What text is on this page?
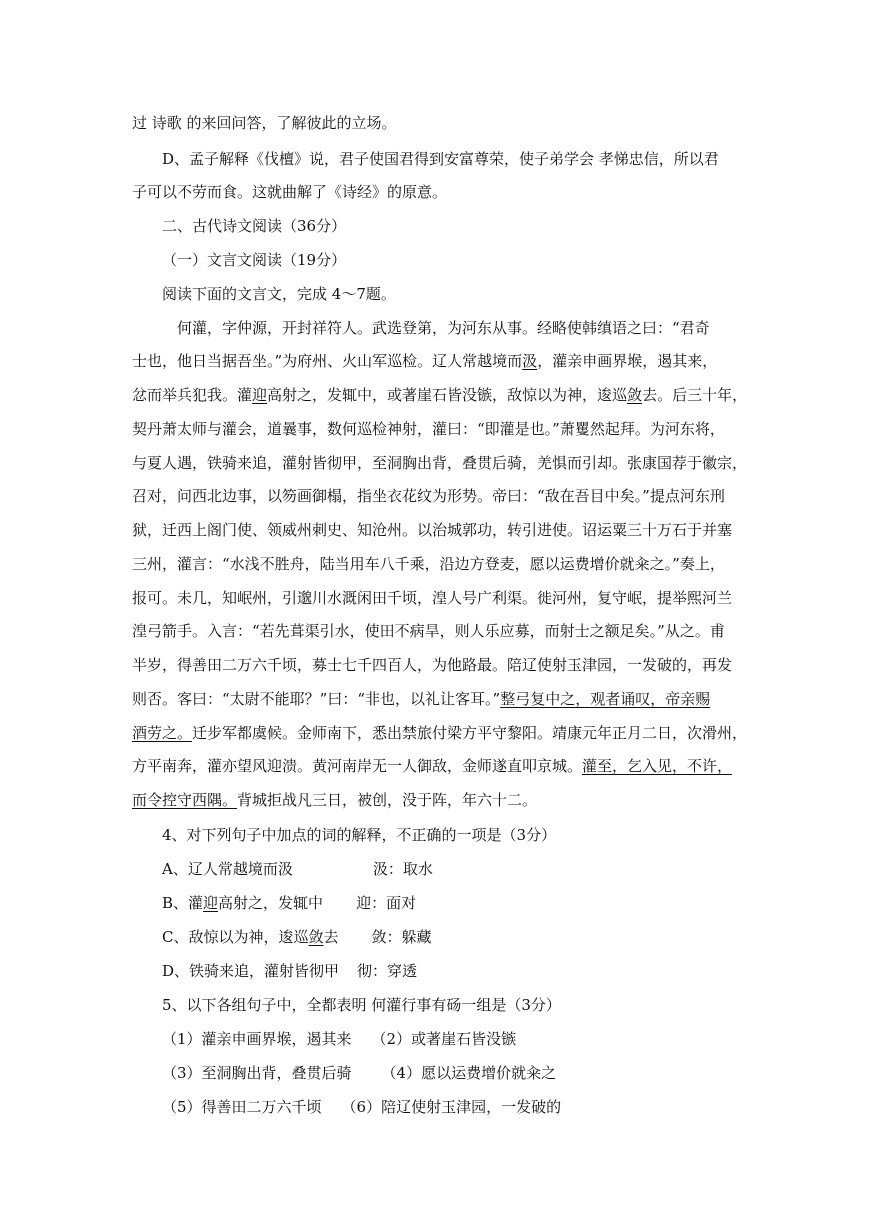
过 诗歌 的来回问答，了解彼此的立场。
D、孟子解释《伐檀》说，君子使国君得到安富尊荣，使子弟学会 孝悌忠信，所以君
子可以不劳而食。这就曲解了《诗经》的原意。
二、古代诗文阅读（36分）
（一）文言文阅读（19分）
阅读下面的文言文，完成 4～7题。
何灌，字仲源，开封祥符人。武选登第，为河东从事。经略使韩缜语之曰：“君奇
士也，他日当据吾坐。”为府州、火山军巡检。辽人常越境而汲，灌亲申画界堠，遏其来，
忿而举兵犯我。灌迎高射之，发辄中，或著崖石皆没镞，敌惊以为神，逡巡敛去。后三十年，
契丹萧太师与灌会，道曩事，数何巡检神射，灌曰：“即灌是也。”萧矍然起拜。为河东将，
与夏人遇，铁骑来追，灌射皆彻甲，至洞胸出背，叠贯后骑，羌惧而引却。张康国荐于徽宗，
召对，问西北边事，以笏画御榻，指坐衣花纹为形势。帝曰：“敌在吾目中矣。”提点河东刑
狱，迁西上阁门使、领威州刺史、知沧州。以治城郭功，转引进使。诏运粟三十万石于并塞
三州，灌言：“水浅不胜舟，陆当用车八千乘，沿边方登麦，愿以运费增价就籴之。”奏上，
报可。未几，知岷州，引邈川水溉闲田千顷，湟人号广利渠。徙河州，复守岷，提举熙河兰
湟弓箭手。入言：“若先葺渠引水，使田不病旱，则人乐应募，而射士之额足矣。”从之。甫
半岁，得善田二万六千顷，募士七千四百人，为他路最。陪辽使射玉津园，一发破的，再发
则否。客曰：“太尉不能耶？”曰：“非也，以礼让客耳。”整弓复中之，观者诵叹，帝亲赐
酒劳之。迁步军都虞候。金师南下，悉出禁旅付梁方平守黎阳。靖康元年正月二日，次滑州，
方平南奔，灌亦望风迎溃。黄河南岸无一人御敌，金师遂直叩京城。灌至，乞入见，不许，
而令控守西隅。背城拒战凡三日，被创，没于阵，年六十二。
4、对下列句子中加点的词的解释，不正确的一项是（3分）
A、辽人常越境而汲	汲：取水
B、灌迎高射之，发辄中 迎：面对
C、敌惊以为神，逡巡敛去 敛：躲藏
D、铁骑来追，灌射皆彻甲 彻：穿透
5、以下各组句子中，全都表明 何灌行事有砀一组是（3分）
（1）灌亲申画界堠，遏其来 （2）或著崖石皆没镞
（3）至洞胸出背，叠贯后骑 （4）愿以运费增价就籴之
（5）得善田二万六千顷 （6）陪辽使射玉津园，一发破的
